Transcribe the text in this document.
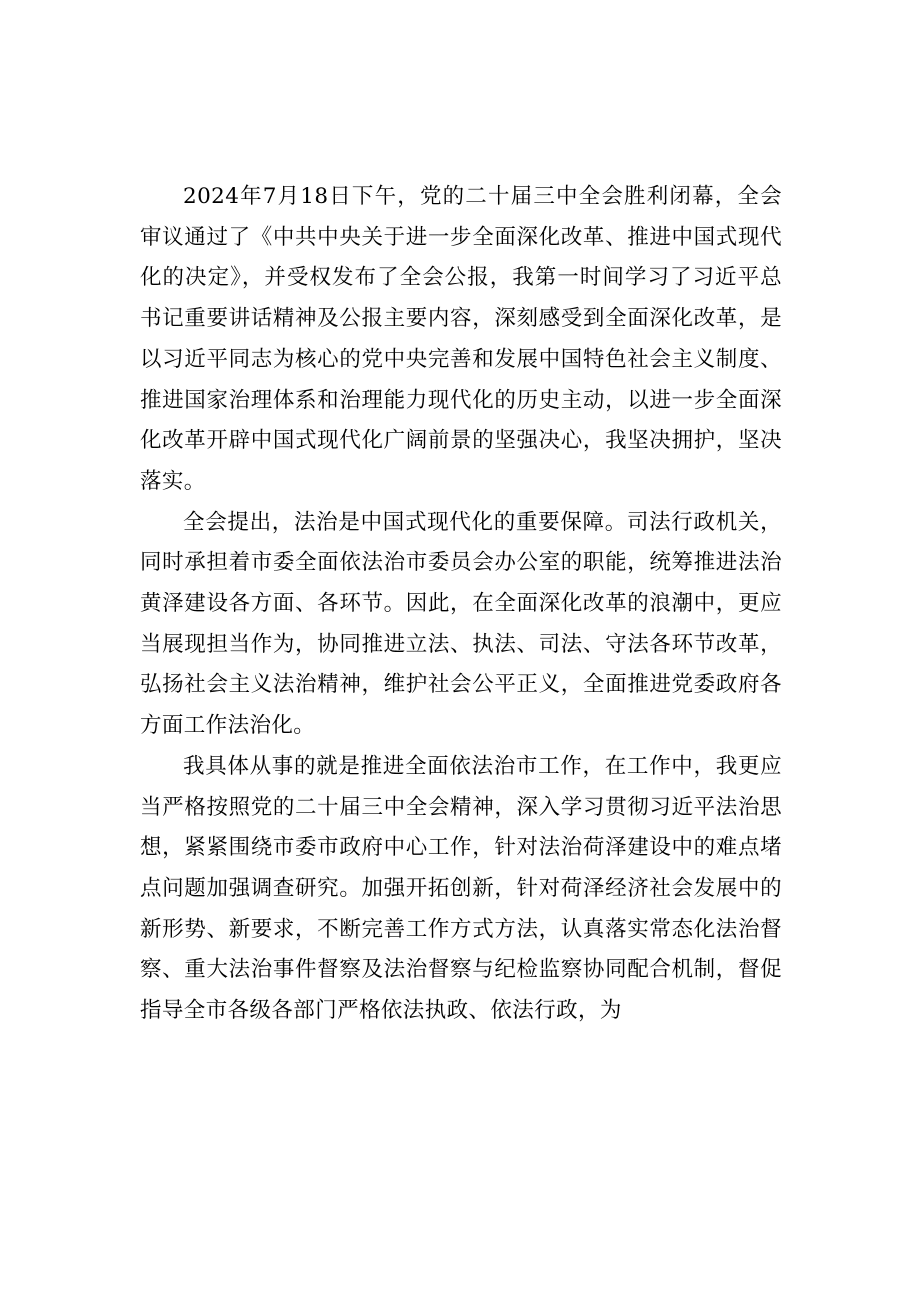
2024年7月18日下午，党的二十届三中全会胜利闭幕，全会审议通过了《中共中央关于进一步全面深化改革、推进中国式现代化的决定》，并受权发布了全会公报，我第一时间学习了习近平总书记重要讲话精神及公报主要内容，深刻感受到全面深化改革，是以习近平同志为核心的党中央完善和发展中国特色社会主义制度、推进国家治理体系和治理能力现代化的历史主动，以进一步全面深化改革开辟中国式现代化广阔前景的坚强决心，我坚决拥护，坚决落实。

全会提出，法治是中国式现代化的重要保障。司法行政机关，同时承担着市委全面依法治市委员会办公室的职能，统筹推进法治黄泽建设各方面、各环节。因此，在全面深化改革的浪潮中，更应当展现担当作为，协同推进立法、执法、司法、守法各环节改革，弘扬社会主义法治精神，维护社会公平正义，全面推进党委政府各方面工作法治化。

我具体从事的就是推进全面依法治市工作，在工作中，我更应当严格按照党的二十届三中全会精神，深入学习贯彻习近平法治思想，紧紧围绕市委市政府中心工作，针对法治荷泽建设中的难点堵点问题加强调查研究。加强开拓创新，针对荷泽经济社会发展中的新形势、新要求，不断完善工作方式方法，认真落实常态化法治督察、重大法治事件督察及法治督察与纪检监察协同配合机制，督促指导全市各级各部门严格依法执政、依法行政，为
